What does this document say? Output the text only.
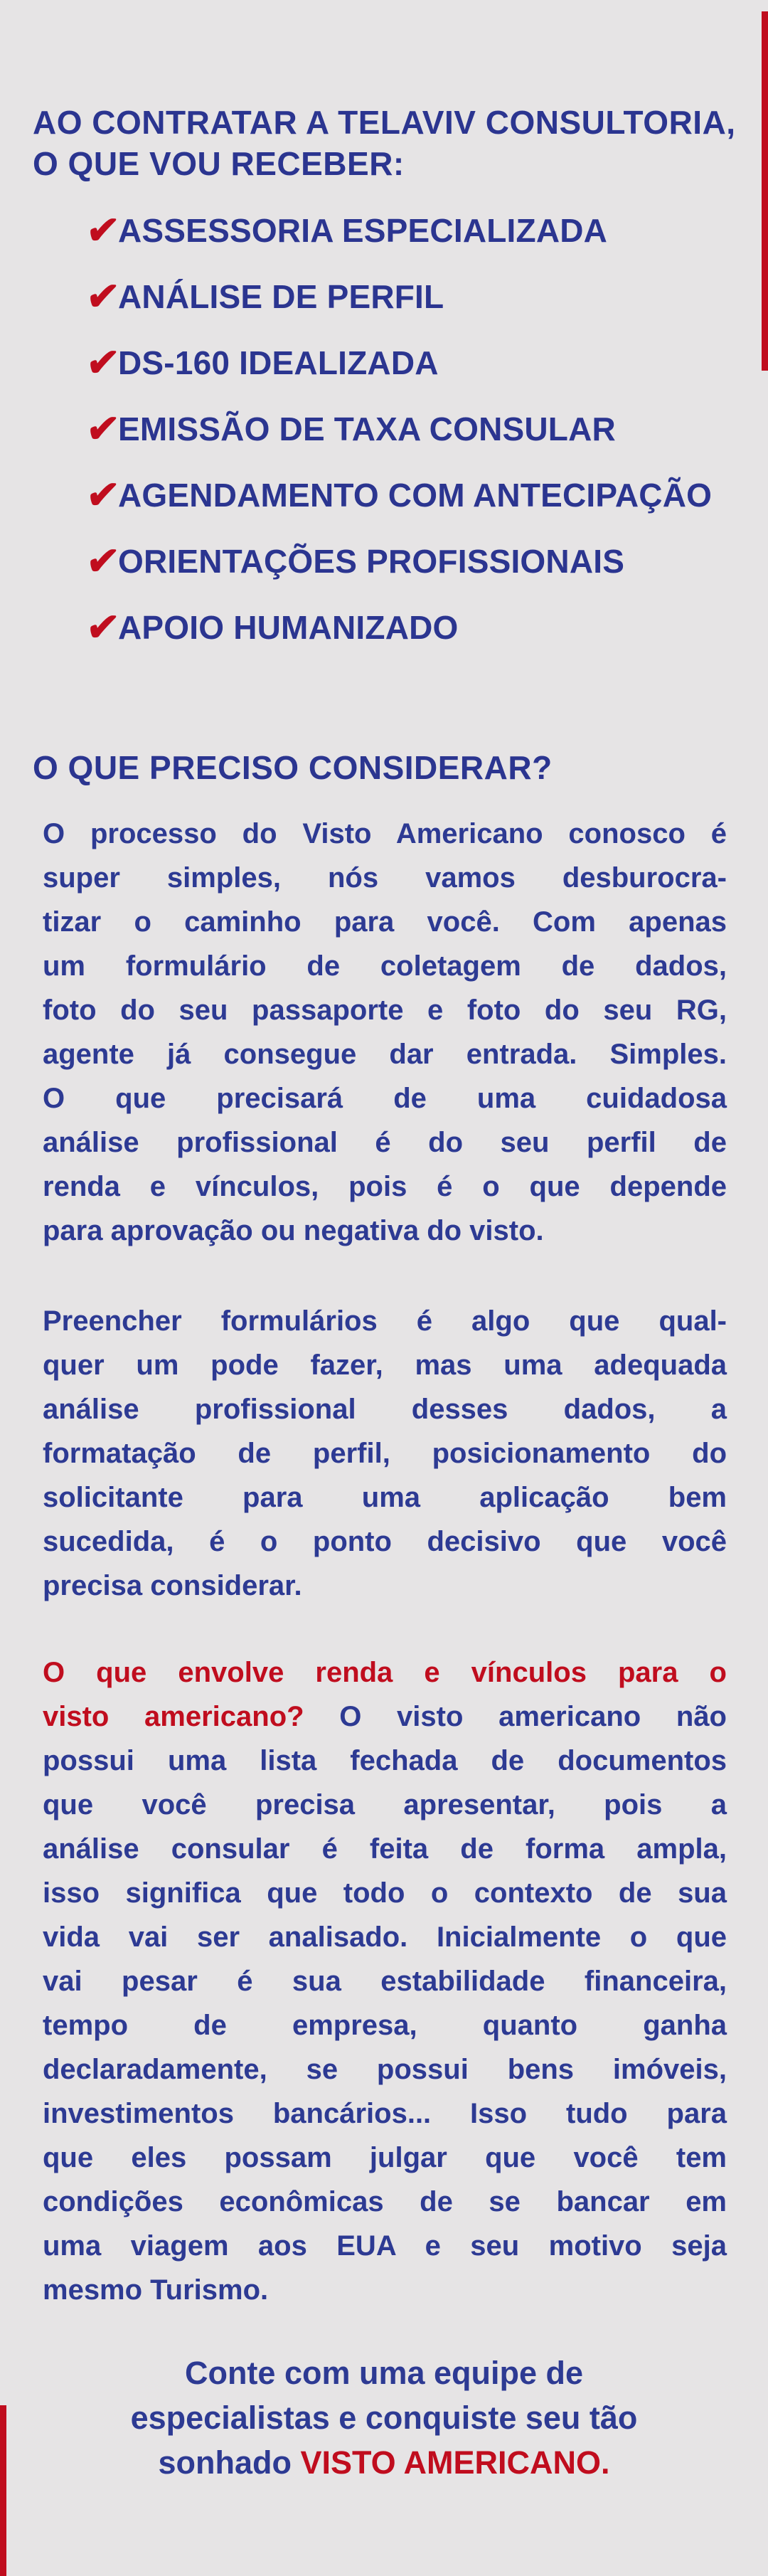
AO CONTRATAR A TELAVIV CONSULTORIA,
O QUE VOU RECEBER:
✔
ASSESSORIA ESPECIALIZADA
✔
ANÁLISE DE PERFIL
✔
DS-160 IDEALIZADA
✔
EMISSÃO DE TAXA CONSULAR
✔
AGENDAMENTO COM ANTECIPAÇÃO
✔
ORIENTAÇÕES PROFISSIONAIS
✔
APOIO HUMANIZADO
O QUE PRECISO CONSIDERAR?
O processo do Visto Americano conosco é
super simples, nós vamos desburocra-
tizar o caminho para você. Com apenas
um formulário de coletagem de dados,
foto do seu passaporte e foto do seu RG,
agente já consegue dar entrada. Simples.
O que precisará de uma cuidadosa
análise profissional é do seu perfil de
renda e vínculos, pois é o que depende
para aprovação ou negativa do visto.
Preencher formulários é algo que qual-
quer um pode fazer, mas uma adequada
análise profissional desses dados, a
formatação de perfil, posicionamento do
solicitante para uma aplicação bem
sucedida, é o ponto decisivo que você
precisa considerar.
O que envolve renda e vínculos para o
visto americano? O visto americano não
possui uma lista fechada de documentos
que você precisa apresentar, pois a
análise consular é feita de forma ampla,
isso significa que todo o contexto de sua
vida vai ser analisado. Inicialmente o que
vai pesar é sua estabilidade financeira,
tempo de empresa, quanto ganha
declaradamente, se possui bens imóveis,
investimentos bancários... Isso tudo para
que eles possam julgar que você tem
condições econômicas de se bancar em
uma viagem aos EUA e seu motivo seja
mesmo Turismo.
Conte com uma equipe de
especialistas e conquiste seu tão
sonhado VISTO AMERICANO.
